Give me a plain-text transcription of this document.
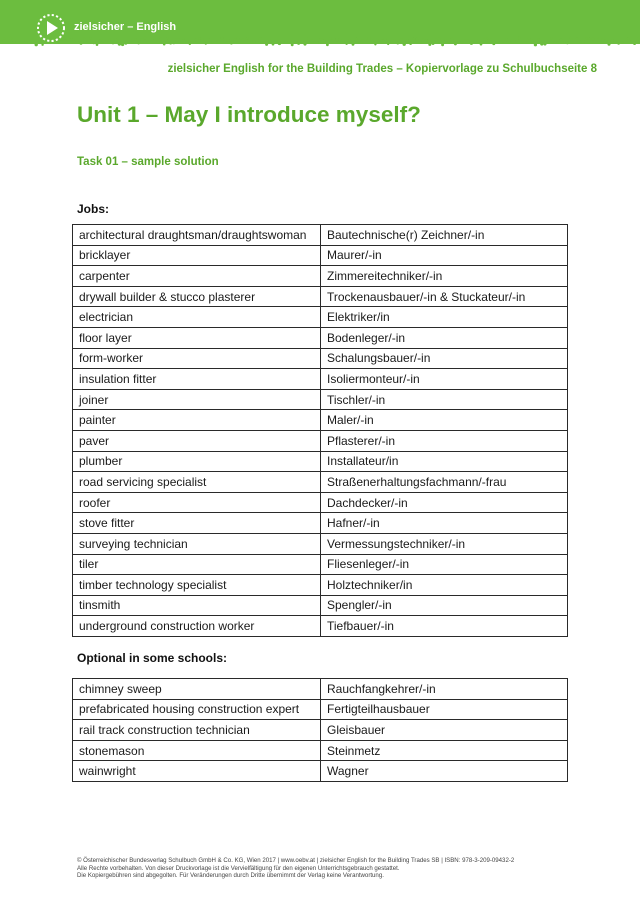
zielsicher – English
zielsicher English for the Building Trades – Kopiervorlage zu Schulbuchseite 8
Unit 1 – May I introduce myself?
Task 01 – sample solution
Jobs:
architectural draughtsman/draughtswoman	Bautechnische(r) Zeichner/-in
bricklayer	Maurer/-in
carpenter	Zimmereitechniker/-in
drywall builder & stucco plasterer	Trockenausbauer/-in & Stuckateur/-in
electrician	Elektriker/in
floor layer	Bodenleger/-in
form-worker	Schalungsbauer/-in
insulation fitter	Isoliermonteur/-in
joiner	Tischler/-in
painter	Maler/-in
paver	Pflasterer/-in
plumber	Installateur/in
road servicing specialist	Straßenerhaltungsfachmann/-frau
roofer	Dachdecker/-in
stove fitter	Hafner/-in
surveying technician	Vermessungstechniker/-in
tiler	Fliesenleger/-in
timber technology specialist	Holztechniker/in
tinsmith	Spengler/-in
underground construction worker	Tiefbauer/-in
Optional in some schools:
chimney sweep	Rauchfangkehrer/-in
prefabricated housing construction expert	Fertigteilhausbauer
rail track construction technician	Gleisbauer
stonemason	Steinmetz
wainwright	Wagner
© Österreichischer Bundesverlag Schulbuch GmbH & Co. KG, Wien 2017 | www.oebv.at | zielsicher English for the Building Trades SB | ISBN: 978-3-209-09432-2
Alle Rechte vorbehalten. Von dieser Druckvorlage ist die Vervielfältigung für den eigenen Unterrichtsgebrauch gestattet.
Die Kopiergebühren sind abgegolten. Für Veränderungen durch Dritte übernimmt der Verlag keine Verantwortung.
